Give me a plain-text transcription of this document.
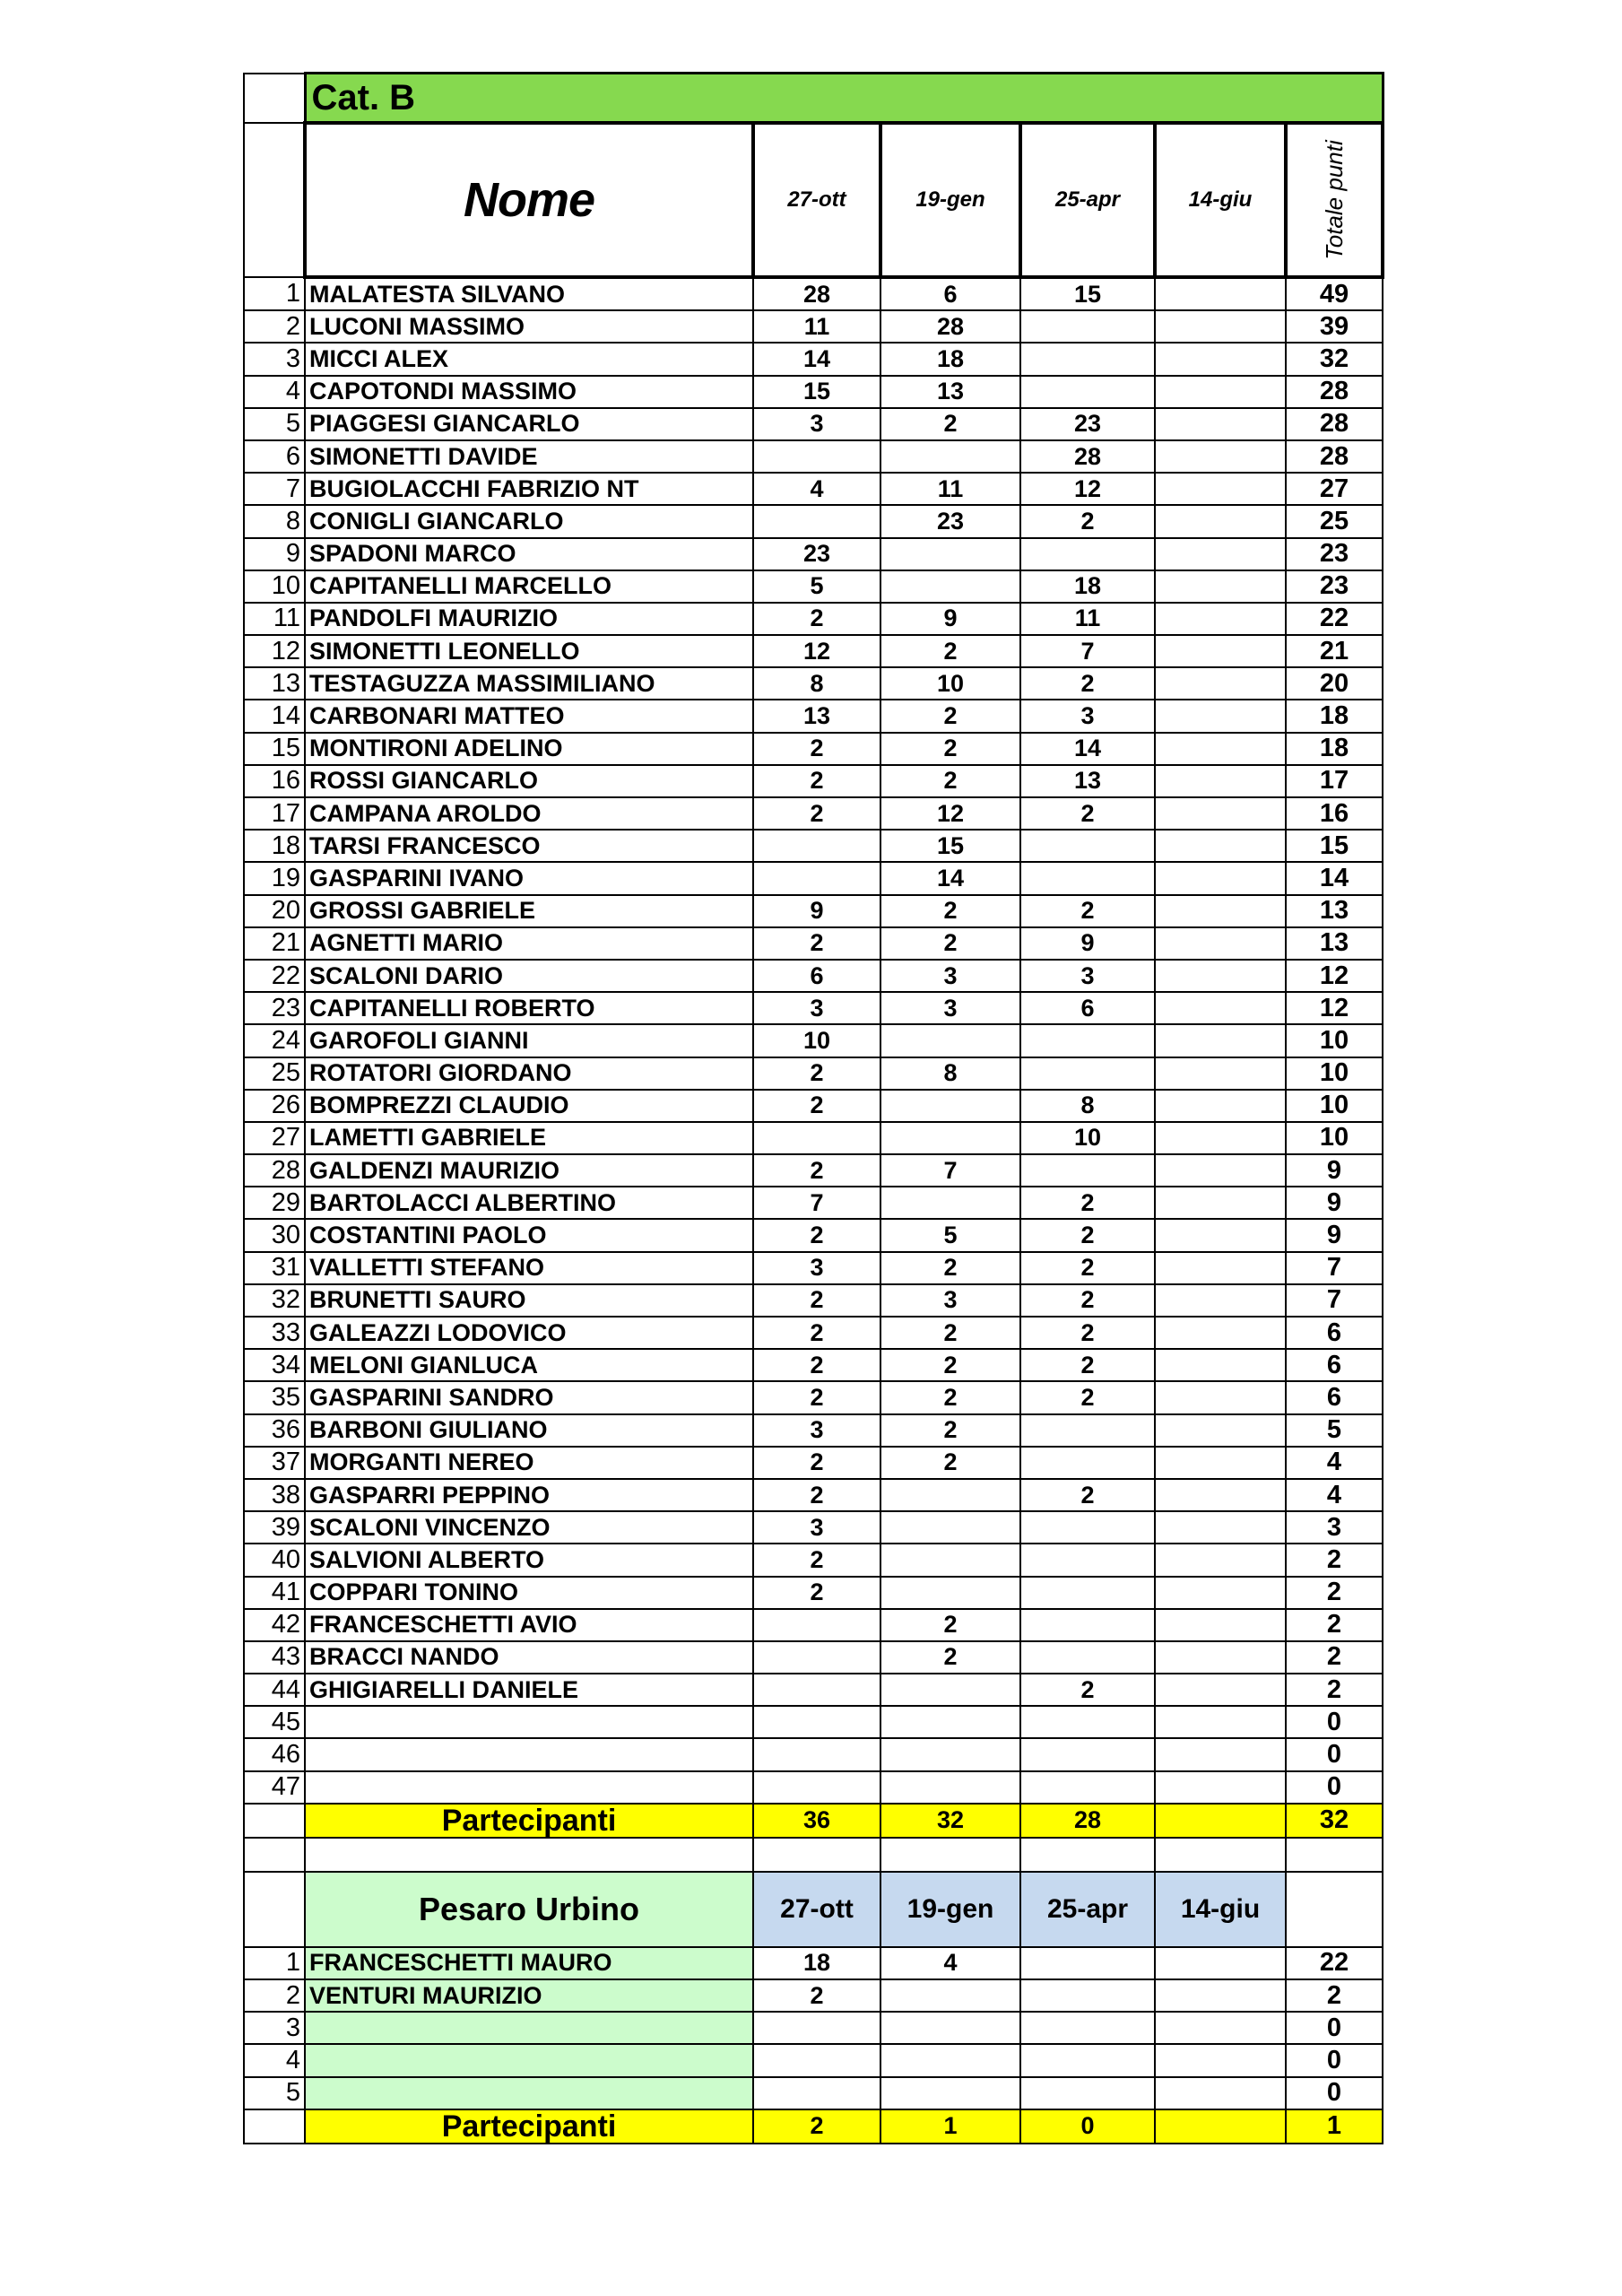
	Cat. B					
	Nome	27-ott	19-gen	25-apr	14-giu	Totale punti

1	MALATESTA SILVANO	28	6	15		49
2	LUCONI MASSIMO	11	28			39
3	MICCI ALEX	14	18			32
4	CAPOTONDI MASSIMO	15	13			28
5	PIAGGESI GIANCARLO	3	2	23		28
6	SIMONETTI DAVIDE			28		28
7	BUGIOLACCHI FABRIZIO NT	4	11	12		27
8	CONIGLI GIANCARLO		23	2		25
9	SPADONI MARCO	23				23
10	CAPITANELLI MARCELLO	5		18		23
11	PANDOLFI MAURIZIO	2	9	11		22
12	SIMONETTI LEONELLO	12	2	7		21
13	TESTAGUZZA MASSIMILIANO	8	10	2		20
14	CARBONARI MATTEO	13	2	3		18
15	MONTIRONI ADELINO	2	2	14		18
16	ROSSI GIANCARLO	2	2	13		17
17	CAMPANA AROLDO	2	12	2		16
18	TARSI FRANCESCO		15			15
19	GASPARINI IVANO		14			14
20	GROSSI GABRIELE	9	2	2		13
21	AGNETTI MARIO	2	2	9		13
22	SCALONI DARIO	6	3	3		12
23	CAPITANELLI ROBERTO	3	3	6		12
24	GAROFOLI GIANNI	10				10
25	ROTATORI GIORDANO	2	8			10
26	BOMPREZZI CLAUDIO	2		8		10
27	LAMETTI GABRIELE			10		10
28	GALDENZI MAURIZIO	2	7			9
29	BARTOLACCI ALBERTINO	7		2		9
30	COSTANTINI PAOLO	2	5	2		9
31	VALLETTI STEFANO	3	2	2		7
32	BRUNETTI SAURO	2	3	2		7
33	GALEAZZI LODOVICO	2	2	2		6
34	MELONI GIANLUCA	2	2	2		6
35	GASPARINI SANDRO	2	2	2		6
36	BARBONI GIULIANO	3	2			5
37	MORGANTI NEREO	2	2			4
38	GASPARRI PEPPINO	2		2		4
39	SCALONI VINCENZO	3				3
40	SALVIONI ALBERTO	2				2
41	COPPARI TONINO	2				2
42	FRANCESCHETTI AVIO		2			2
43	BRACCI NANDO		2			2
44	GHIGIARELLI DANIELE			2		2
45						0
46						0
47						0
	Partecipanti	36	32	28		32

	Pesaro Urbino	27-ott	19-gen	25-apr	14-giu	
1	FRANCESCHETTI MAURO	18	4			22
2	VENTURI MAURIZIO	2				2
3						0
4						0
5						0
	Partecipanti	2	1	0		1
